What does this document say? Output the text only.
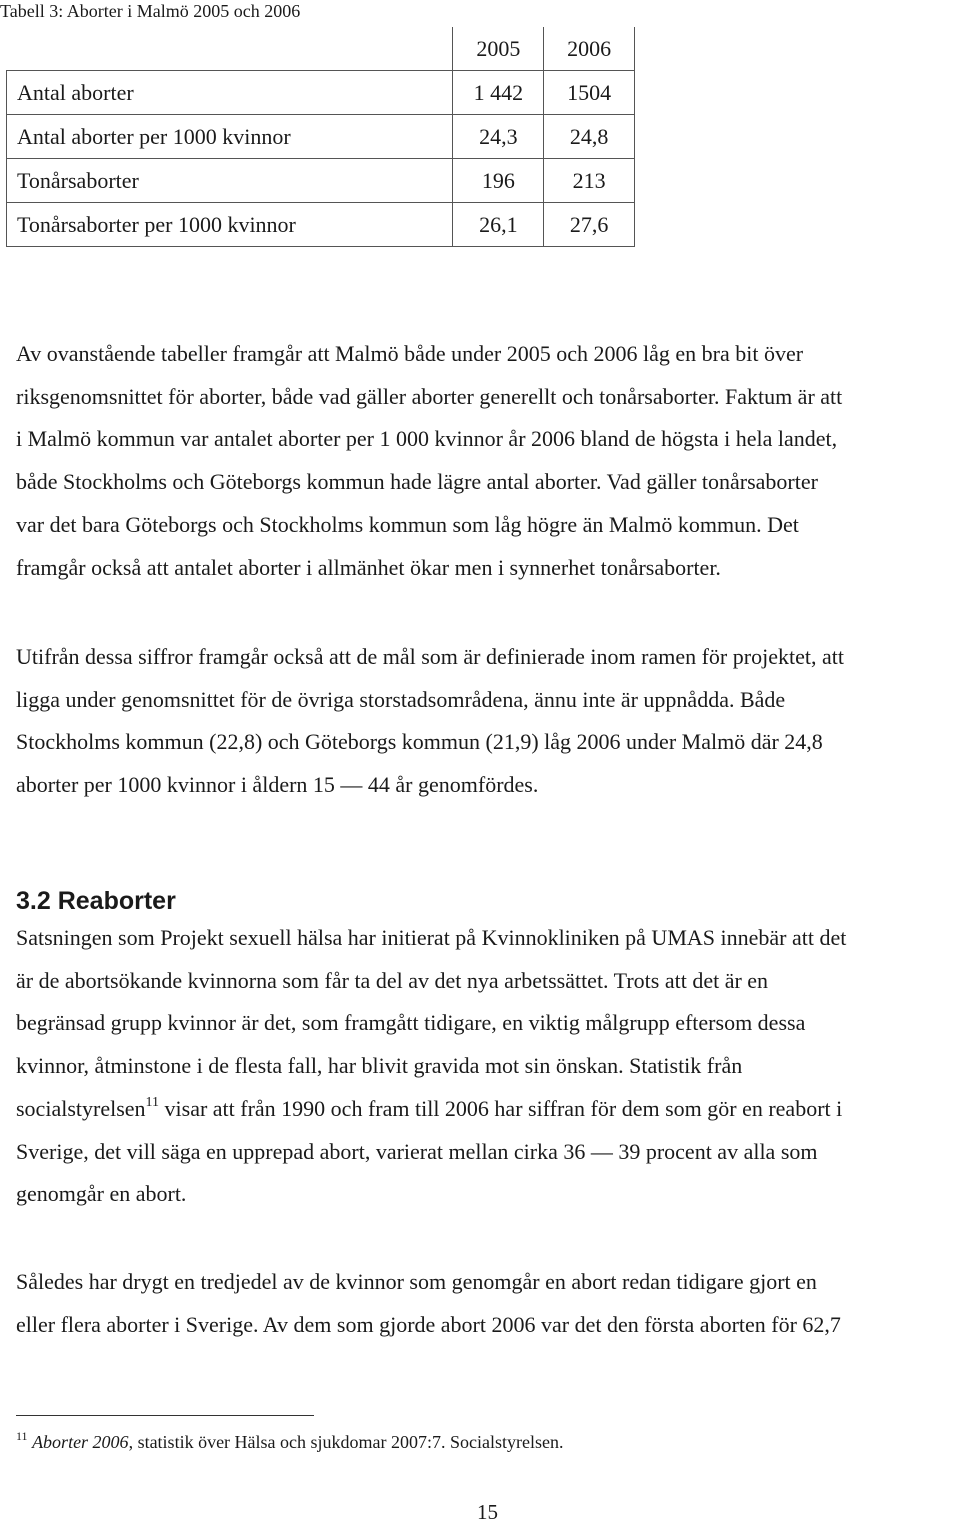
Tabell 3: Aborter i Malmö 2005 och 2006
	2005	2006
Antal aborter	1 442	1504
Antal aborter per 1000 kvinnor	24,3	24,8
Tonårsaborter	196	213
Tonårsaborter per 1000 kvinnor	26,1	27,6

Av ovanstående tabeller framgår att Malmö både under 2005 och 2006 låg en bra bit över
riksgenomsnittet för aborter, både vad gäller aborter generellt och tonårsaborter. Faktum är att
i Malmö kommun var antalet aborter per 1 000 kvinnor år 2006 bland de högsta i hela landet,
både Stockholms och Göteborgs kommun hade lägre antal aborter. Vad gäller tonårsaborter
var det bara Göteborgs och Stockholms kommun som låg högre än Malmö kommun. Det
framgår också att antalet aborter i allmänhet ökar men i synnerhet tonårsaborter.

Utifrån dessa siffror framgår också att de mål som är definierade inom ramen för projektet, att
ligga under genomsnittet för de övriga storstadsområdena, ännu inte är uppnådda. Både
Stockholms kommun (22,8) och Göteborgs kommun (21,9) låg 2006 under Malmö där 24,8
aborter per 1000 kvinnor i åldern 15 — 44 år genomfördes.

3.2 Reaborter

Satsningen som Projekt sexuell hälsa har initierat på Kvinnokliniken på UMAS innebär att det
är de abortsökande kvinnorna som får ta del av det nya arbetssättet. Trots att det är en
begränsad grupp kvinnor är det, som framgått tidigare, en viktig målgrupp eftersom dessa
kvinnor, åtminstone i de flesta fall, har blivit gravida mot sin önskan. Statistik från
socialstyrelsen$^{11}$ visar att från 1990 och fram till 2006 har siffran för dem som gör en reabort i
Sverige, det vill säga en upprepad abort, varierat mellan cirka 36 — 39 procent av alla som
genomgår en abort.

Således har drygt en tredjedel av de kvinnor som genomgår en abort redan tidigare gjort en
eller flera aborter i Sverige. Av dem som gjorde abort 2006 var det den första aborten för 62,7

$^{11}$ Aborter 2006, statistik över Hälsa och sjukdomar 2007:7. Socialstyrelsen.
15
